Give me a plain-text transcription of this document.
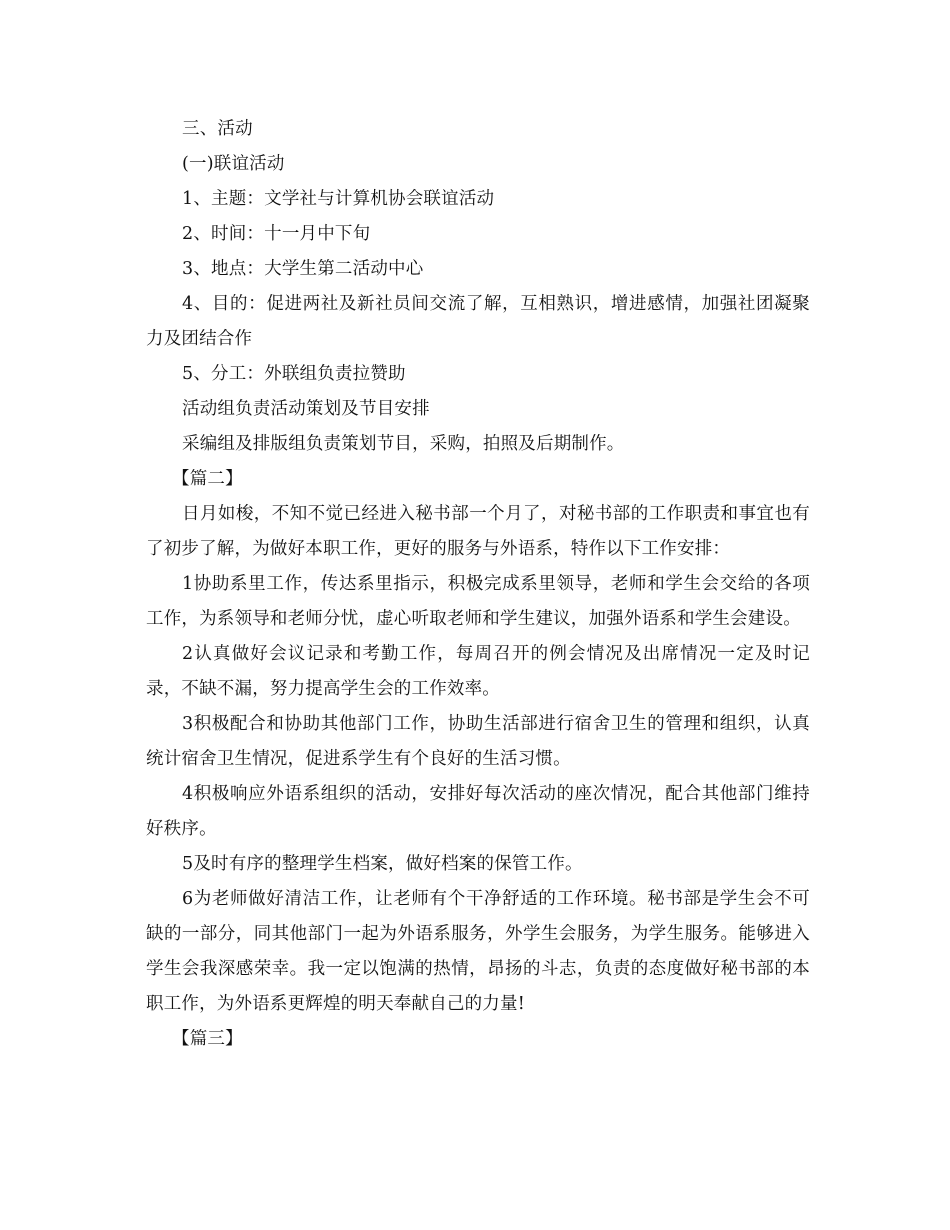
三、活动

(一)联谊活动

1、主题：文学社与计算机协会联谊活动

2、时间：十一月中下旬

3、地点：大学生第二活动中心

4、目的：促进两社及新社员间交流了解，互相熟识，增进感情，加强社团凝聚力及团结合作

5、分工：外联组负责拉赞助

活动组负责活动策划及节目安排

采编组及排版组负责策划节目，采购，拍照及后期制作。

【篇二】

日月如梭，不知不觉已经进入秘书部一个月了，对秘书部的工作职责和事宜也有了初步了解，为做好本职工作，更好的服务与外语系，特作以下工作安排：

1协助系里工作，传达系里指示，积极完成系里领导，老师和学生会交给的各项工作，为系领导和老师分忧，虚心听取老师和学生建议，加强外语系和学生会建设。

2认真做好会议记录和考勤工作，每周召开的例会情况及出席情况一定及时记录，不缺不漏，努力提高学生会的工作效率。

3积极配合和协助其他部门工作，协助生活部进行宿舍卫生的管理和组织，认真统计宿舍卫生情况，促进系学生有个良好的生活习惯。

4积极响应外语系组织的活动，安排好每次活动的座次情况，配合其他部门维持好秩序。

5及时有序的整理学生档案，做好档案的保管工作。

6为老师做好清洁工作，让老师有个干净舒适的工作环境。秘书部是学生会不可缺的一部分，同其他部门一起为外语系服务，外学生会服务，为学生服务。能够进入学生会我深感荣幸。我一定以饱满的热情，昂扬的斗志，负责的态度做好秘书部的本职工作，为外语系更辉煌的明天奉献自己的力量!

【篇三】
